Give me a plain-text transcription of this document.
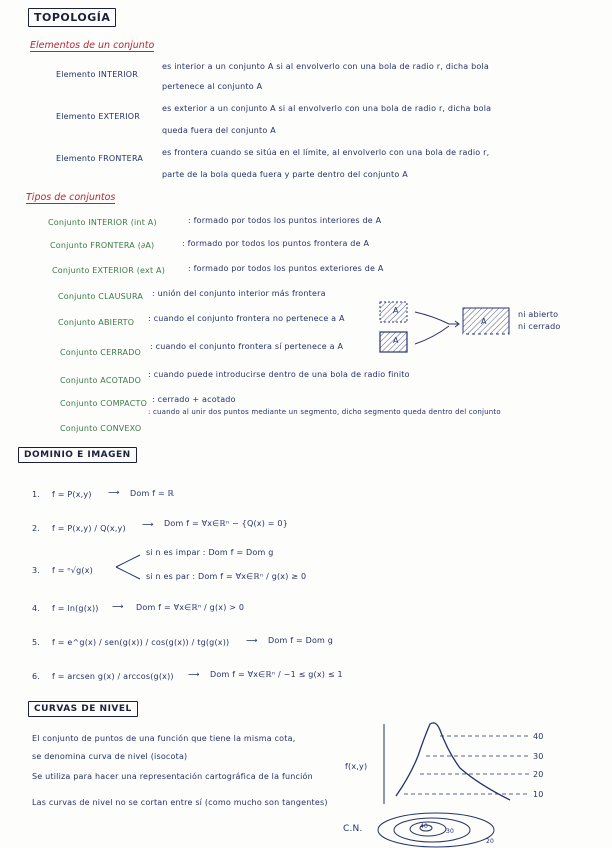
TOPOLOGÍA
Elementos de un conjunto
Elemento INTERIOR
es interior a un conjunto A si al envolverlo con una bola de radio r, dicha bola
pertenece al conjunto A
Elemento EXTERIOR
es exterior a un conjunto A si al envolverlo con una bola de radio r, dicha bola
queda fuera del conjunto A
Elemento FRONTERA
es frontera cuando se sitúa en el límite, al envolverlo con una bola de radio r,
parte de la bola queda fuera y parte dentro del conjunto A
Tipos de conjuntos
Conjunto INTERIOR (int A)	: formado por todos los puntos interiores de A
Conjunto FRONTERA (∂A)	: formado por todos los puntos frontera de A
Conjunto EXTERIOR (ext A)	: formado por todos los puntos exteriores de A
Conjunto CLAUSURA : unión del conjunto interior más frontera
Conjunto ABIERTO : cuando el conjunto frontera no pertenece a A
Conjunto CERRADO
: cuando el conjunto frontera sí pertenece a A
Conjunto ACOTADO
: cuando puede introducirse dentro de una bola de radio finito
Conjunto COMPACTO : cerrado + acotado
Conjunto CONVEXO
: cuando al unir dos puntos mediante un segmento, dicho segmento queda dentro del conjunto
A
A
A
ni abierto
ni cerrado
DOMINIO E IMAGEN
1. f = P(x,y) ⟶ Dom f = ℝ
2. f = P(x,y) / Q(x,y) ⟶ Dom f = ∀x∈ℝⁿ − {Q(x) = 0}
3. f = ⁿ√g(x)
si n es impar : Dom f = Dom g
si n es par : Dom f = ∀x∈ℝⁿ / g(x) ≥ 0
4. f = ln(g(x)) ⟶ Dom f = ∀x∈ℝⁿ / g(x) > 0
5. f = e^g(x) / sen(g(x)) / cos(g(x)) / tg(g(x)) ⟶ Dom f = Dom g
6. f = arcsen g(x) / arccos(g(x)) ⟶ Dom f = ∀x∈ℝⁿ / −1 ≤ g(x) ≤ 1
CURVAS DE NIVEL
El conjunto de puntos de una función que tiene la misma cota,
se denomina curva de nivel (isocota)
Se utiliza para hacer una representación cartográfica de la función
Las curvas de nivel no se cortan entre sí (como mucho son tangentes)
f(x,y)
40
30
20
10
C.N.	40
30
20
